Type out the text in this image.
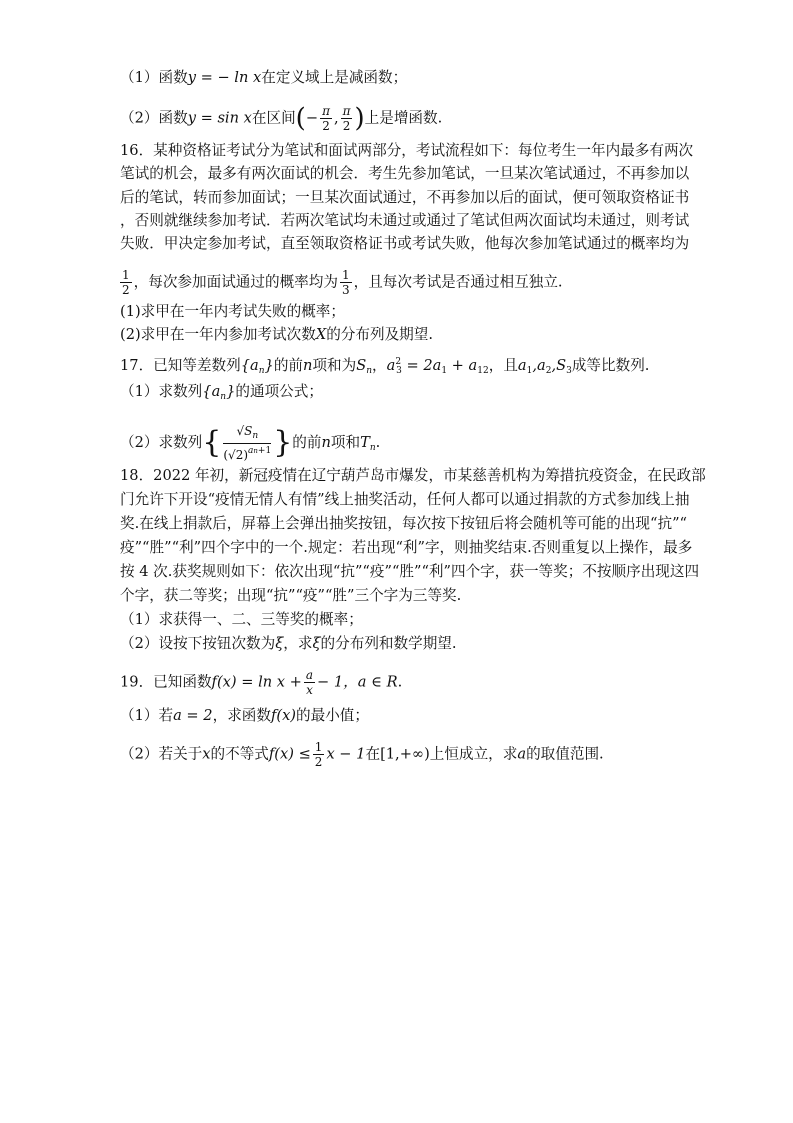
（1）函数y = − ln x在定义域上是减函数；
（2）函数y = sin x在区间(− $\frac{\pi}{2}$ , $\frac{\pi}{2}$ )上是增函数.
16．某种资格证考试分为笔试和面试两部分，考试流程如下：每位考生一年内最多有两次
笔试的机会，最多有两次面试的机会．考生先参加笔试，一旦某次笔试通过，不再参加以
后的笔试，转而参加面试；一旦某次面试通过，不再参加以后的面试，便可领取资格证书
，否则就继续参加考试．若两次笔试均未通过或通过了笔试但两次面试均未通过，则考试
失败．甲决定参加考试，直至领取资格证书或考试失败，他每次参加笔试通过的概率均为
$\frac{1}{2}$ ，每次参加面试通过的概率均为 $\frac{1}{3}$ ，且每次考试是否通过相互独立.
(1)求甲在一年内考试失败的概率；
(2)求甲在一年内参加考试次数X的分布列及期望.
17．已知等差数列$\{a_n\}$的前n项和为$S_n$，$a^2_3 = 2a_1 + a_{12}$，且$a_1,a_2,S_3$成等比数列.
（1）求数列$\{a_n\}$的通项公式；
（2）求数列{ $\frac{√S_n}{(√2)^{an+1}}$ }的前n项和$T_n$.
18．2022 年初，新冠疫情在辽宁葫芦岛市爆发，市某慈善机构为筹措抗疫资金，在民政部
门允许下开设“疫情无情人有情”线上抽奖活动，任何人都可以通过捐款的方式参加线上抽
奖.在线上捐款后，屏幕上会弹出抽奖按钮，每次按下按钮后将会随机等可能的出现“抗”“
疫”“胜”“利”四个字中的一个.规定：若出现“利”字，则抽奖结束.否则重复以上操作，最多
按 4 次.获奖规则如下：依次出现“抗”“疫”“胜”“利”四个字，获一等奖；不按顺序出现这四
个字，获二等奖；出现“抗”“疫”“胜”三个字为三等奖.
（1）求获得一、二、三等奖的概率；
（2）设按下按钮次数为ξ，求ξ的分布列和数学期望.
19．已知函数$f(x) = \ln x + \frac{a}{x} - 1$，a ∈ R.
（1）若a = 2，求函数f(x)的最小值；
（2）若关于x的不等式$f(x) \le \frac{1}{2}$ x − 1在[1,+∞)上恒成立，求a的取值范围.
